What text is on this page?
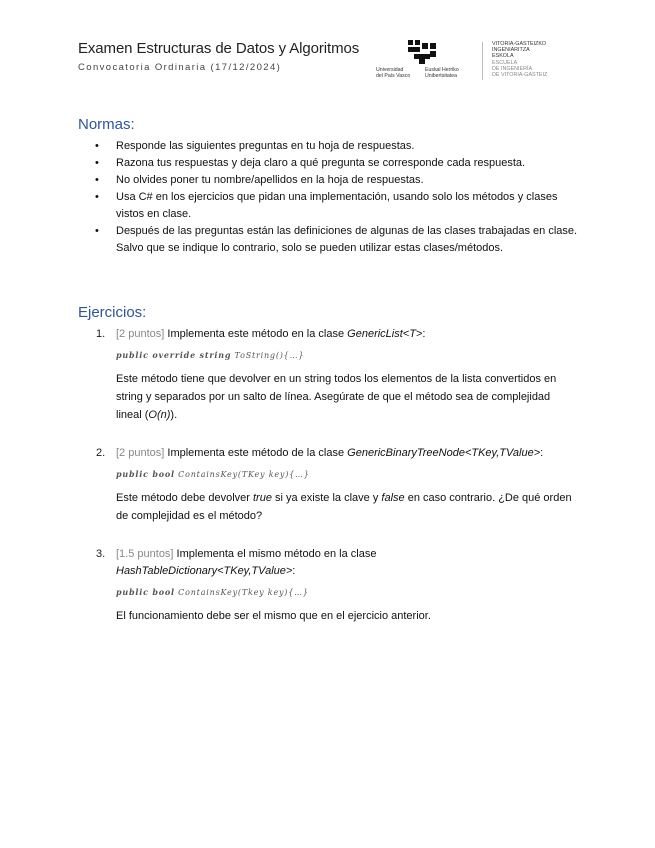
Examen Estructuras de Datos y Algoritmos
Convocatoria Ordinaria (17/12/2024)	Universidad
del País Vasco
Euskal Herriko
Unibertsitatea
VITORIA-GASTEIZKO
INGENIARITZA
ESKOLA
ESCUELA
DE INGENIERÍA
DE VITORIA-GASTEIZ
Normas:
• Responde las siguientes preguntas en tu hoja de respuestas.
• Razona tus respuestas y deja claro a qué pregunta se corresponde cada respuesta.
• No olvides poner tu nombre/apellidos en la hoja de respuestas.
• Usa C# en los ejercicios que pidan una implementación, usando solo los métodos y clases vistos en clase.
• Después de las preguntas están las definiciones de algunas de las clases trabajadas en clase. Salvo que se indique lo contrario, solo se pueden utilizar estas clases/métodos.
Ejercicios:
1. [2 puntos] Implementa este método en la clase GenericList<T>:
public override string ToString(){…}
Este método tiene que devolver en un string todos los elementos de la lista convertidos en string y separados por un salto de línea. Asegúrate de que el método sea de complejidad lineal (O(n)).
2. [2 puntos] Implementa este método de la clase GenericBinaryTreeNode<TKey,TValue>:
public bool ContainsKey(TKey key){…}
Este método debe devolver true si ya existe la clave y false en caso contrario. ¿De qué orden de complejidad es el método?
3. [1.5 puntos] Implementa el mismo método en la clase
HashTableDictionary<TKey,TValue>:
public bool ContainsKey(Tkey key){…}
El funcionamiento debe ser el mismo que en el ejercicio anterior.
